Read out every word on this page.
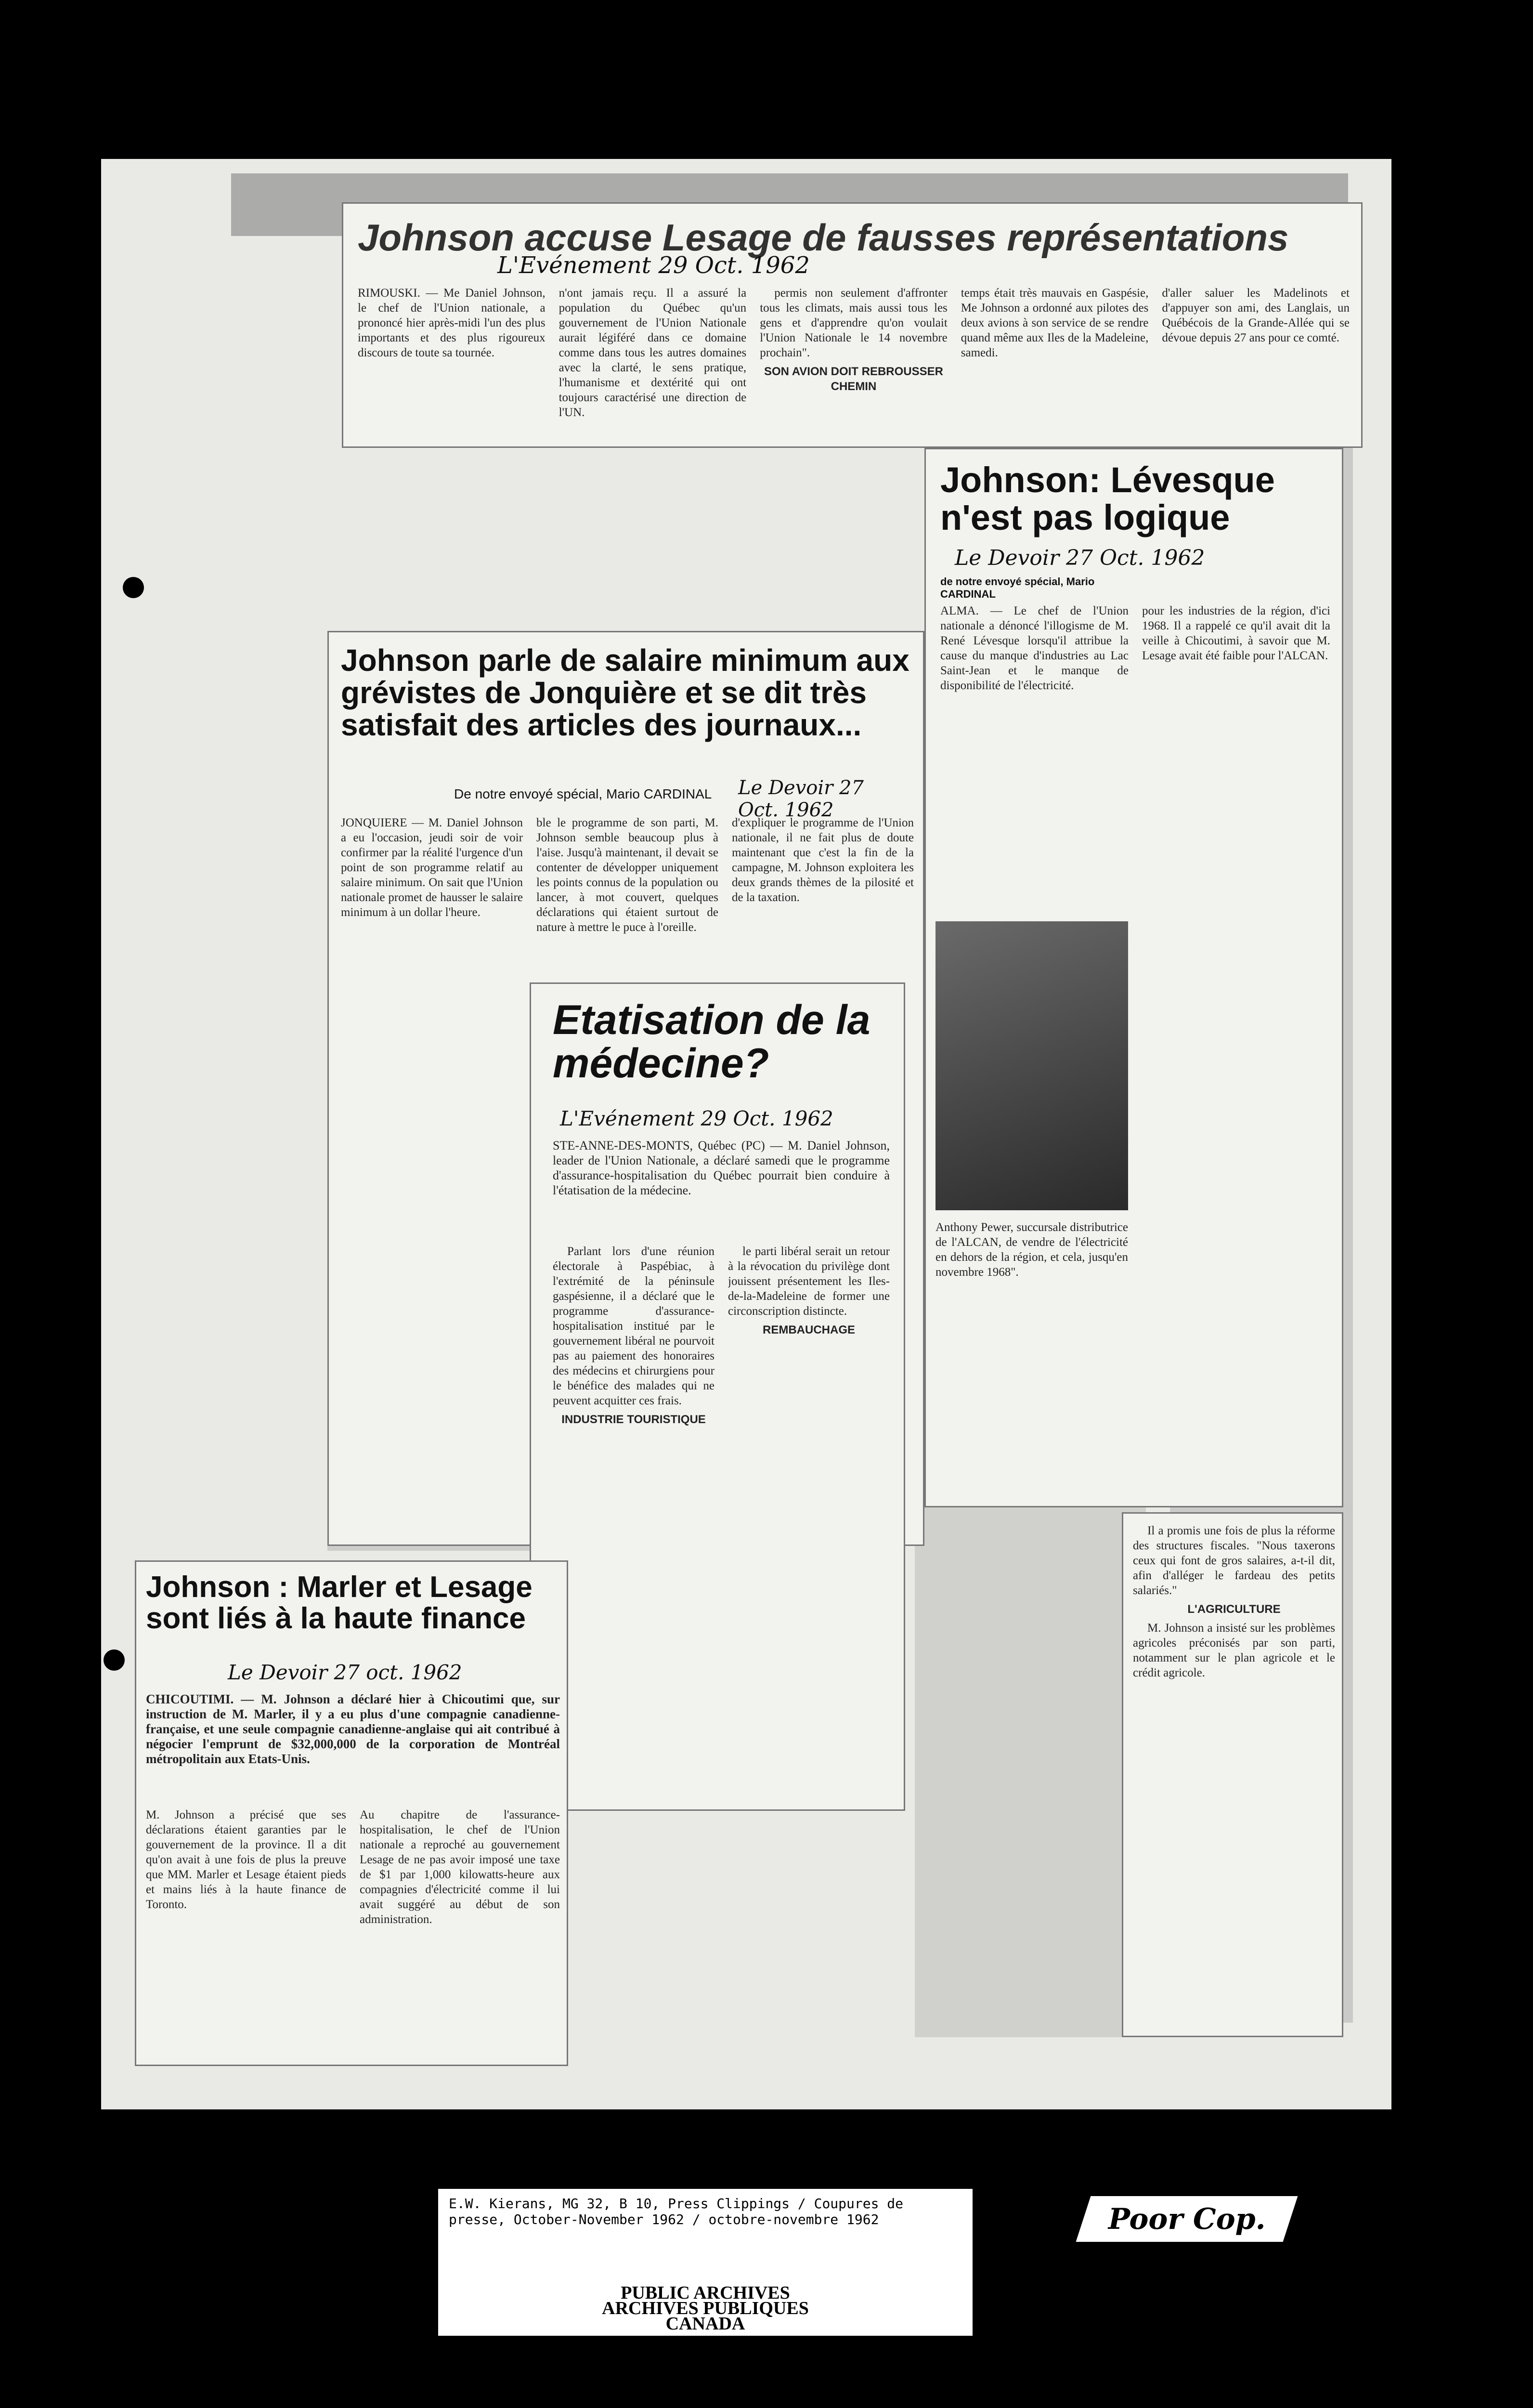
Johnson accuse Lesage de fausses représentations
L'Evénement 29 Oct. 1962
RIMOUSKI. — Me Daniel Johnson, le chef de l'Union nationale, a prononcé hier après-midi l'un des plus importants et des plus rigoureux discours de toute sa tournée.
n'ont jamais reçu. Il a assuré la population du Québec qu'un gouvernement de l'Union Nationale aurait légiféré dans ce domaine comme dans tous les autres domaines avec la clarté, le sens pratique, l'humanisme et dextérité qui ont toujours caractérisé une direction de l'UN.

permis non seulement d'affronter tous les climats, mais aussi tous les gens et d'apprendre qu'on voulait l'Union Nationale le 14 novembre prochain".

SON AVION DOIT REBROUSSER CHEMIN
temps était très mauvais en Gaspésie, Me Johnson a ordonné aux pilotes des deux avions à son service de se rendre quand même aux Iles de la Madeleine, samedi.
d'aller saluer les Madelinots et d'appuyer son ami, des Langlais, un Québécois de la Grande-Allée qui se dévoue depuis 27 ans pour ce comté.
Johnson: Lévesque n'est pas logique
Le Devoir 27 Oct. 1962
de notre envoyé spécial, Mario CARDINAL
ALMA. — Le chef de l'Union nationale a dénoncé l'illogisme de M. René Lévesque lorsqu'il attribue la cause du manque d'industries au Lac Saint-Jean et le manque de disponibilité de l'électricité.
pour les industries de la région, d'ici 1968. Il a rappelé ce qu'il avait dit la veille à Chicoutimi, à savoir que M. Lesage avait été faible pour l'ALCAN.
Anthony Pewer, succursale distributrice de l'ALCAN, de vendre de l'électricité en dehors de la région, et cela, jusqu'en novembre 1968".
Johnson parle de salaire minimum aux grévistes de Jonquière et se dit très satisfait des articles des journaux...
De notre envoyé spécial, Mario CARDINAL Le Devoir 27 Oct. 1962
JONQUIERE — M. Daniel Johnson a eu l'occasion, jeudi soir de voir confirmer par la réalité l'urgence d'un point de son programme relatif au salaire minimum. On sait que l'Union nationale promet de hausser le salaire minimum à un dollar l'heure.
ble le programme de son parti, M. Johnson semble beaucoup plus à l'aise. Jusqu'à maintenant, il devait se contenter de développer uniquement les points connus de la population ou lancer, à mot couvert, quelques déclarations qui étaient surtout de nature à mettre le puce à l'oreille.
d'expliquer le programme de l'Union nationale, il ne fait plus de doute maintenant que c'est la fin de la campagne, M. Johnson exploitera les deux grands thèmes de la pilosité et de la taxation.
Etatisation de la médecine?
L'Evénement 29 Oct. 1962
STE-ANNE-DES-MONTS, Québec (PC) — M. Daniel Johnson, leader de l'Union Nationale, a déclaré samedi que le programme d'assurance-hospitalisation du Québec pourrait bien conduire à l'étatisation de la médecine.

Parlant lors d'une réunion électorale à Paspébiac, à l'extrémité de la péninsule gaspésienne, il a déclaré que le programme d'assurance-hospitalisation institué par le gouvernement libéral ne pourvoit pas au paiement des honoraires des médecins et chirurgiens pour le bénéfice des malades qui ne peuvent acquitter ces frais.

INDUSTRIE TOURISTIQUE

le parti libéral serait un retour à la révocation du privilège dont jouissent présentement les Iles-de-la-Madeleine de former une circonscription distincte.

REMBAUCHAGE
Johnson : Marler et Lesage sont liés à la haute finance
Le Devoir 27 oct. 1962
CHICOUTIMI. — M. Johnson a déclaré hier à Chicoutimi que, sur instruction de M. Marler, il y a eu plus d'une compagnie canadienne-française, et une seule compagnie canadienne-anglaise qui ait contribué à négocier l'emprunt de $32,000,000 de la corporation de Montréal métropolitain aux Etats-Unis.
M. Johnson a précisé que ses déclarations étaient garanties par le gouvernement de la province. Il a dit qu'on avait à une fois de plus la preuve que MM. Marler et Lesage étaient pieds et mains liés à la haute finance de Toronto.
Au chapitre de l'assurance-hospitalisation, le chef de l'Union nationale a reproché au gouvernement Lesage de ne pas avoir imposé une taxe de $1 par 1,000 kilowatts-heure aux compagnies d'électricité comme il lui avait suggéré au début de son administration.

Il a promis une fois de plus la réforme des structures fiscales. "Nous taxerons ceux qui font de gros salaires, a-t-il dit, afin d'alléger le fardeau des petits salariés."

L'AGRICULTURE

M. Johnson a insisté sur les problèmes agricoles préconisés par son parti, notamment sur le plan agricole et le crédit agricole.

E.W. Kierans, MG 32, B 10, Press Clippings / Coupures de presse, October-November 1962 / octobre-novembre 1962
PUBLIC ARCHIVES
ARCHIVES PUBLIQUES
CANADA
Poor Cop.
